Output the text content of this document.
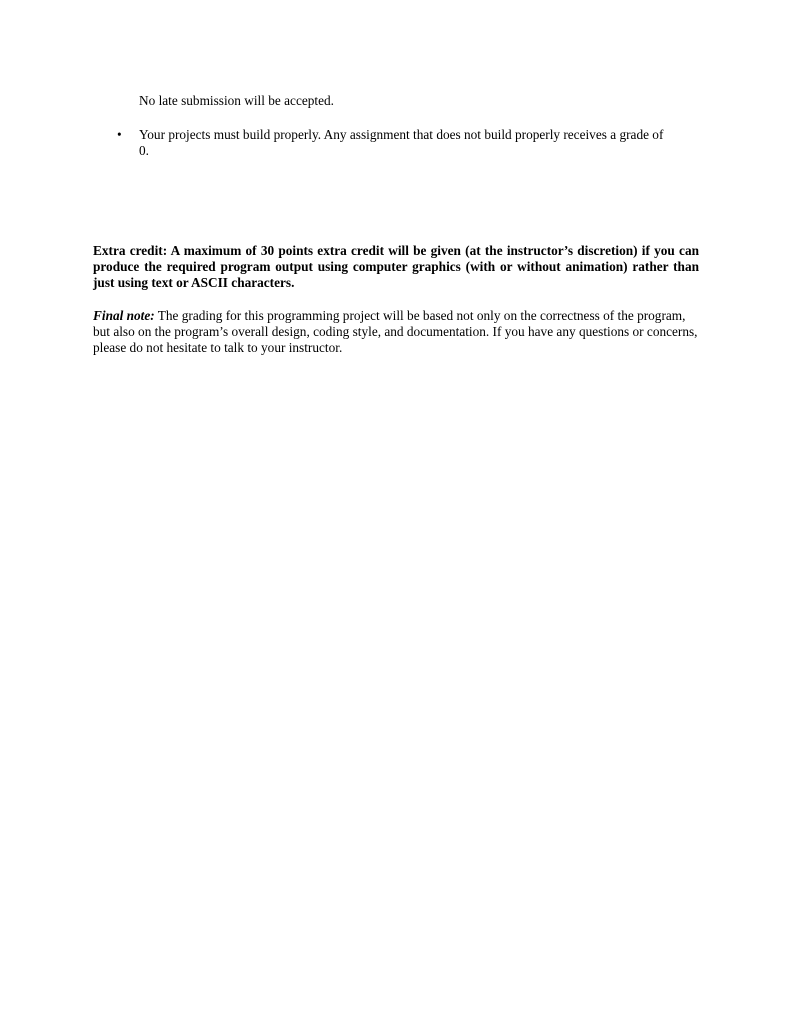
No late submission will be accepted.

•	Your projects must build properly. Any assignment that does not build properly receives a grade of 0.

Extra credit: A maximum of 30 points extra credit will be given (at the instructor’s discretion) if you can produce the required program output using computer graphics (with or without animation) rather than just using text or ASCII characters.

Final note: The grading for this programming project will be based not only on the correctness of the program, but also on the program’s overall design, coding style, and documentation. If you have any questions or concerns, please do not hesitate to talk to your instructor.
